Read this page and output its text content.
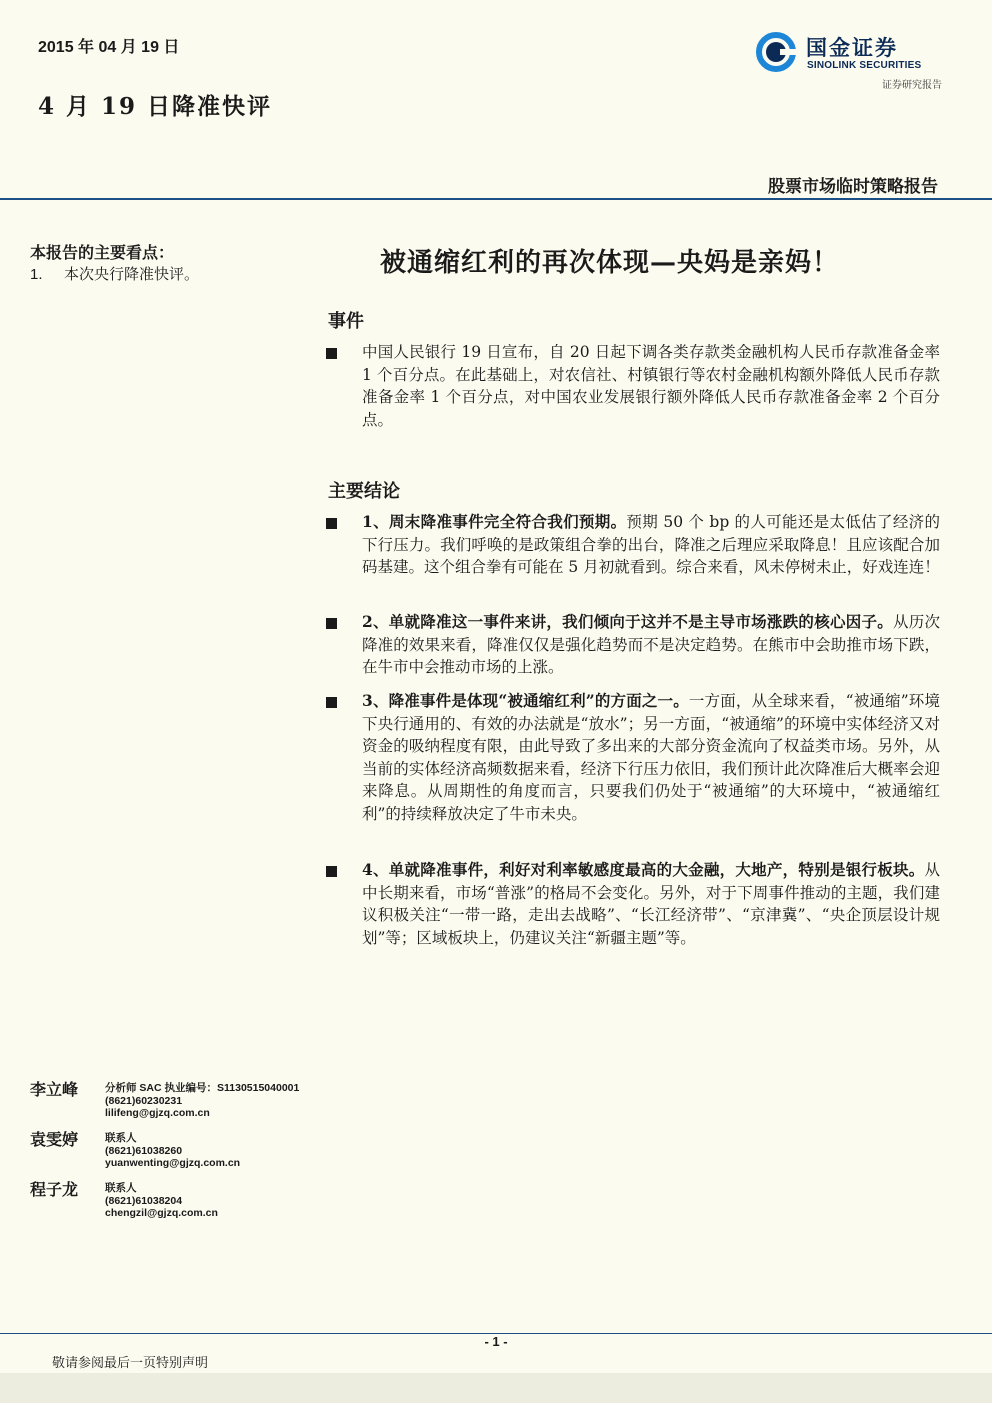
2015 年 04 月 19 日
4 月 19 日降准快评
国金证券
SINOLINK SECURITIES
证券研究报告
股票市场临时策略报告
本报告的主要看点：
1. 本次央行降准快评。	被通缩红利的再次体现—央妈是亲妈！
事件
中国人民银行 19 日宣布，自 20 日起下调各类存款类金融机构人民币存款准备金率 1 个百分点。在此基础上，对农信社、村镇银行等农村金融机构额外降低人民币存款准备金率 1 个百分点，对中国农业发展银行额外降低人民币存款准备金率 2 个百分点。
主要结论
1、周末降准事件完全符合我们预期。预期 50 个 bp 的人可能还是太低估了经济的下行压力。我们呼唤的是政策组合拳的出台，降准之后理应采取降息！且应该配合加码基建。这个组合拳有可能在 5 月初就看到。综合来看，风未停树未止，好戏连连！
2、单就降准这一事件来讲，我们倾向于这并不是主导市场涨跌的核心因子。从历次降准的效果来看，降准仅仅是强化趋势而不是决定趋势。在熊市中会助推市场下跌，在牛市中会推动市场的上涨。
3、降准事件是体现“被通缩红利”的方面之一。一方面，从全球来看，“被通缩”环境下央行通用的、有效的办法就是“放水”；另一方面，“被通缩”的环境中实体经济又对资金的吸纳程度有限，由此导致了多出来的大部分资金流向了权益类市场。另外，从当前的实体经济高频数据来看，经济下行压力依旧，我们预计此次降准后大概率会迎来降息。从周期性的角度而言，只要我们仍处于“被通缩”的大环境中，“被通缩红利”的持续释放决定了牛市未央。
4、单就降准事件，利好对利率敏感度最高的大金融，大地产，特别是银行板块。从中长期来看，市场“普涨”的格局不会变化。另外，对于下周事件推动的主题，我们建议积极关注“一带一路，走出去战略”、“长江经济带”、“京津冀”、“央企顶层设计规划”等；区域板块上，仍建议关注“新疆主题”等。
李立峰	分析师 SAC 执业编号：S1130515040001
(8621)60230231
lilifeng@gjzq.com.cn
袁雯婷	联系人
(8621)61038260
yuanwenting@gjzq.com.cn
程子龙	联系人
(8621)61038204
chengzil@gjzq.com.cn
- 1 -
敬请参阅最后一页特别声明
